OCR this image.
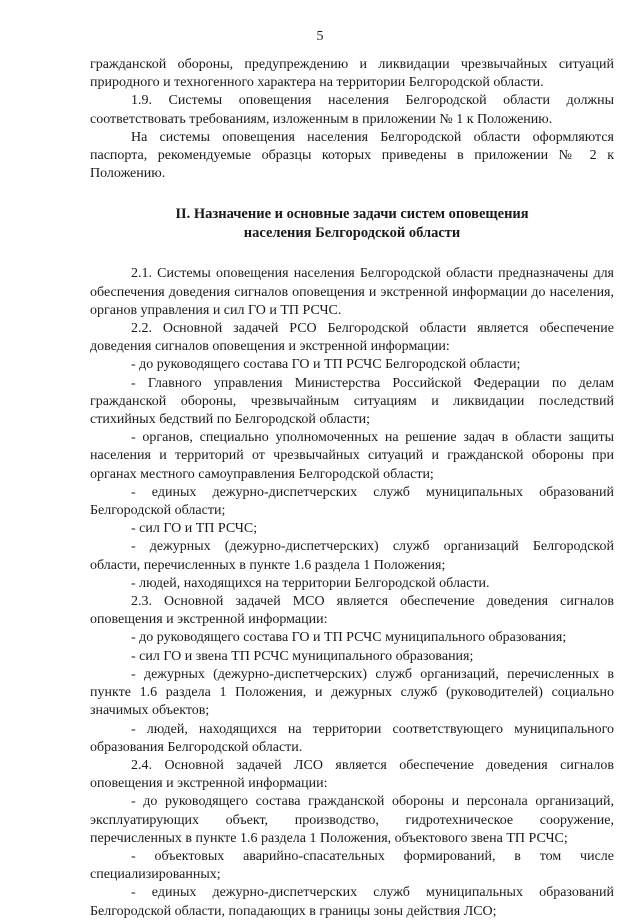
5

гражданской обороны, предупреждению и ликвидации чрезвычайных ситуаций природного и техногенного характера на территории Белгородской области.

1.9. Системы оповещения населения Белгородской области должны соответствовать требованиям, изложенным в приложении № 1 к Положению.

На системы оповещения населения Белгородской области оформляются паспорта, рекомендуемые образцы которых приведены в приложении № 2 к Положению.

II. Назначение и основные задачи систем оповещения
населения Белгородской области

2.1. Системы оповещения населения Белгородской области предназначены для обеспечения доведения сигналов оповещения и экстренной информации до населения, органов управления и сил ГО и ТП РСЧС.

2.2. Основной задачей РСО Белгородской области является обеспечение доведения сигналов оповещения и экстренной информации:

- до руководящего состава ГО и ТП РСЧС Белгородской области;

- Главного управления Министерства Российской Федерации по делам гражданской обороны, чрезвычайным ситуациям и ликвидации последствий стихийных бедствий по Белгородской области;

- органов, специально уполномоченных на решение задач в области защиты населения и территорий от чрезвычайных ситуаций и гражданской обороны при органах местного самоуправления Белгородской области;

- единых дежурно-диспетчерских служб муниципальных образований Белгородской области;

- сил ГО и ТП РСЧС;

- дежурных (дежурно-диспетчерских) служб организаций Белгородской области, перечисленных в пункте 1.6 раздела 1 Положения;

- людей, находящихся на территории Белгородской области.

2.3. Основной задачей МСО является обеспечение доведения сигналов оповещения и экстренной информации:

- до руководящего состава ГО и ТП РСЧС муниципального образования;

- сил ГО и звена ТП РСЧС муниципального образования;

- дежурных (дежурно-диспетчерских) служб организаций, перечисленных в пункте 1.6 раздела 1 Положения, и дежурных служб (руководителей) социально значимых объектов;

- людей, находящихся на территории соответствующего муниципального образования Белгородской области.

2.4. Основной задачей ЛСО является обеспечение доведения сигналов оповещения и экстренной информации:

- до руководящего состава гражданской обороны и персонала организаций, эксплуатирующих объект, производство, гидротехническое сооружение, перечисленных в пункте 1.6 раздела 1 Положения, объектового звена ТП РСЧС;

- объектовых аварийно-спасательных формирований, в том числе специализированных;

- единых дежурно-диспетчерских служб муниципальных образований Белгородской области, попадающих в границы зоны действия ЛСО;
